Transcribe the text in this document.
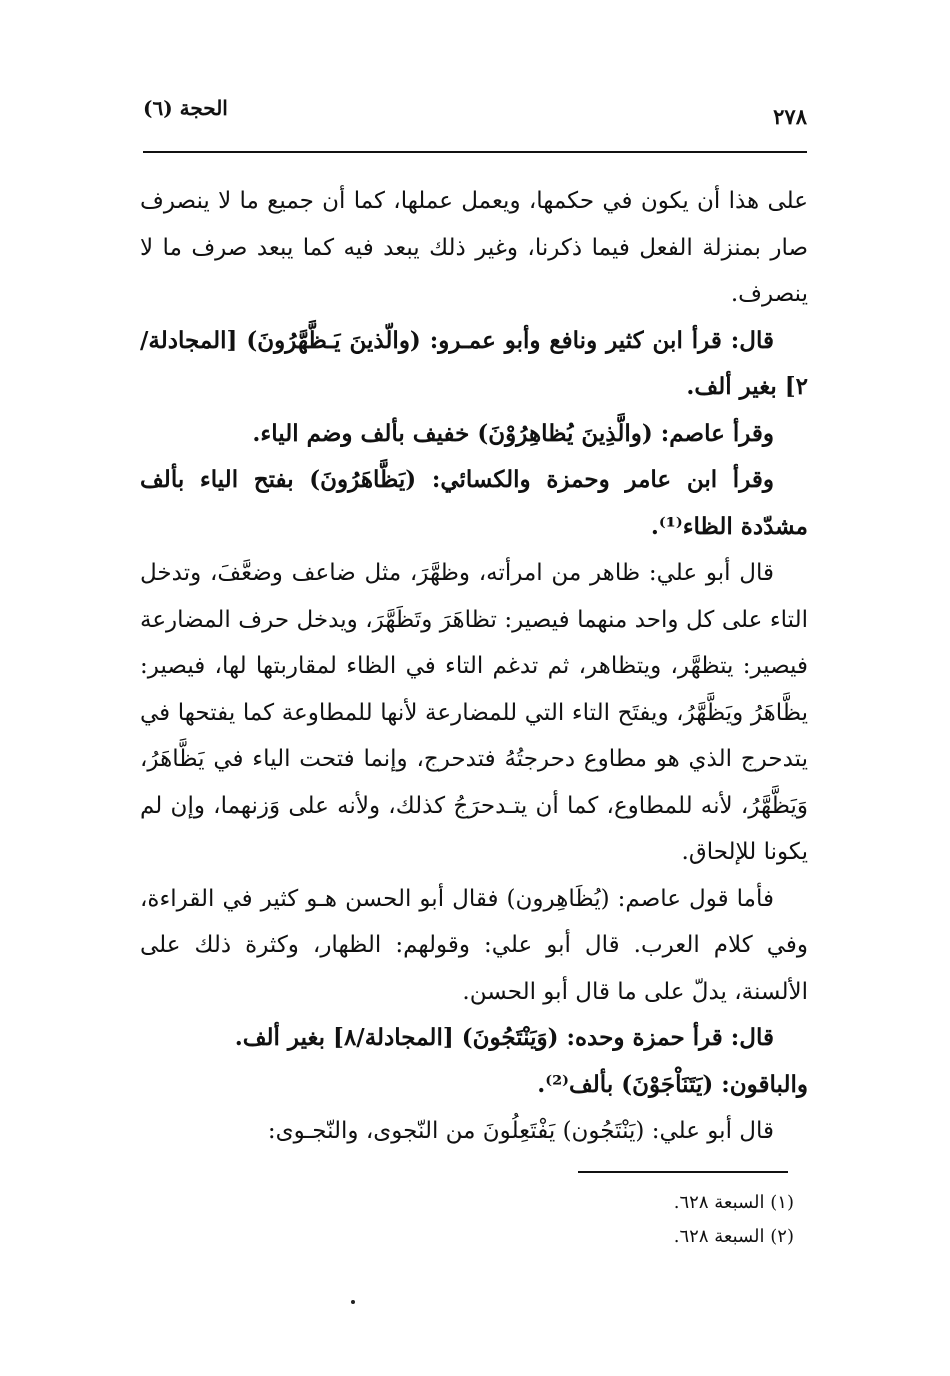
٢٧٨
الحجة (٦)

على هذا أن يكون في حكمها، ويعمل عملها، كما أن جميع ما لا ينصرف صار بمنزلة الفعل فيما ذكرنا، وغير ذلك يبعد فيه كما يبعد صرف ما لا ينصرف.

قال: قرأ ابن كثير ونافع وأبو عمـرو: (والّذينَ يَـظَّهَّرُونَ) [المجادلة/٢] بغير ألف.

وقرأ عاصم: (والَّذِينَ يُظاهِرُوْنَ) خفيف بألف وضم الياء.

وقرأ ابن عامر وحمزة والكسائي: (يَظَّاهَرُونَ) بفتح الياء بألف مشدّدة الظاء⁽¹⁾.

قال أبو علي: ظاهر من امرأته، وظهَّرَ، مثل ضاعف وضعَّفَ، وتدخل التاء على كل واحد منهما فيصير: تظاهَرَ وتَظَهَّرَ، ويدخل حرف المضارعة فيصير: يتظهَّر، ويتظاهر، ثم تدغم التاء في الظاء لمقاربتها لها، فيصير: يظَّاهَرُ ويَظَّهَّرُ، ويفتَح التاء التي للمضارعة لأنها للمطاوعة كما يفتحها في يتدحرج الذي هو مطاوع دحرجتُهُ فتدحرج، وإنما فتحت الياء في يَظَّاهَرُ، وَيَظَّهَّرُ، لأنه للمطاوع، كما أن يتـدحرَجُ كذلك، ولأنه على وَزنهما، وإن لم يكونا للإلحاق.

فأما قول عاصم: (يُظَاهِرون) فقال أبو الحسن هـو كثير في القراءة، وفي كلام العرب. قال أبو علي: وقولهم: الظهار، وكثرة ذلك على الألسنة، يدلّ على ما قال أبو الحسن.

قال: قرأ حمزة وحده: (وَيَنْتَجُونَ) [المجادلة/٨] بغير ألف.

والباقون: (يَتَنَاْجَوْنَ) بألف⁽²⁾.

قال أبو علي: (يَنْتَجُون) يَفْتَعِلُونَ من النّجوى، والنّجـوى:

(١) السبعة ٦٢٨.
(٢) السبعة ٦٢٨.
